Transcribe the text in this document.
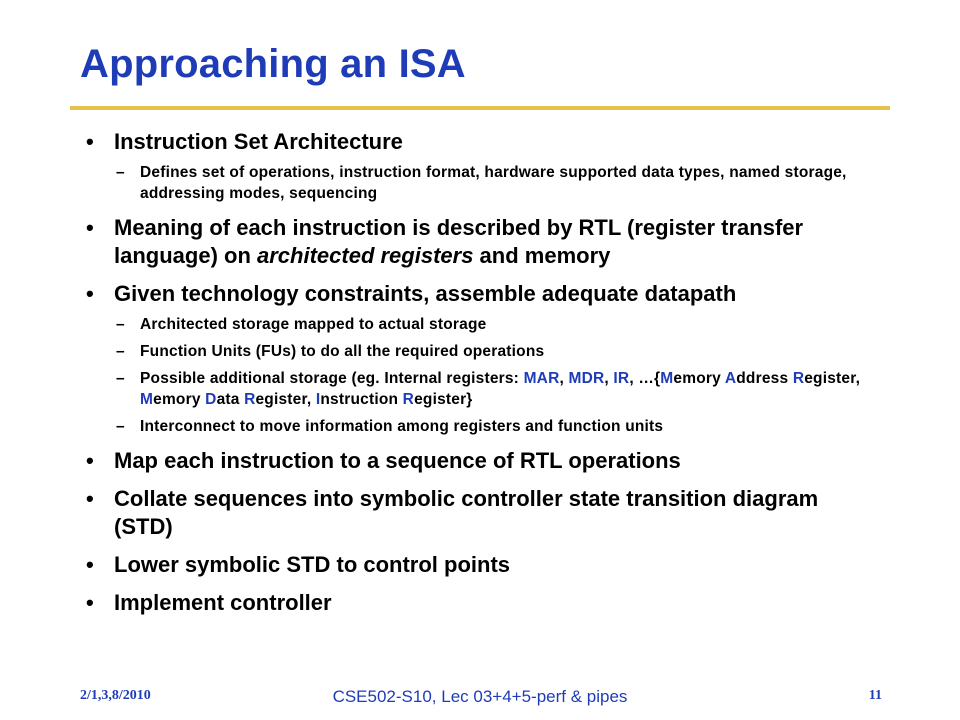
Approaching an ISA
• Instruction Set Architecture
– Defines set of operations, instruction format, hardware supported data types, named storage, addressing modes, sequencing
• Meaning of each instruction is described by RTL (register transfer language) on architected registers and memory
• Given technology constraints, assemble adequate datapath
– Architected storage mapped to actual storage
– Function Units (FUs) to do all the required operations
– Possible additional storage (eg. Internal registers: MAR, MDR, IR, …{Memory Address Register, Memory Data Register, Instruction Register}
– Interconnect to move information among registers and function units
• Map each instruction to a sequence of RTL operations
• Collate sequences into symbolic controller state transition diagram (STD)
• Lower symbolic STD to control points
• Implement controller
2/1,3,8/2010	CSE502-S10, Lec 03+4+5-perf & pipes	11
